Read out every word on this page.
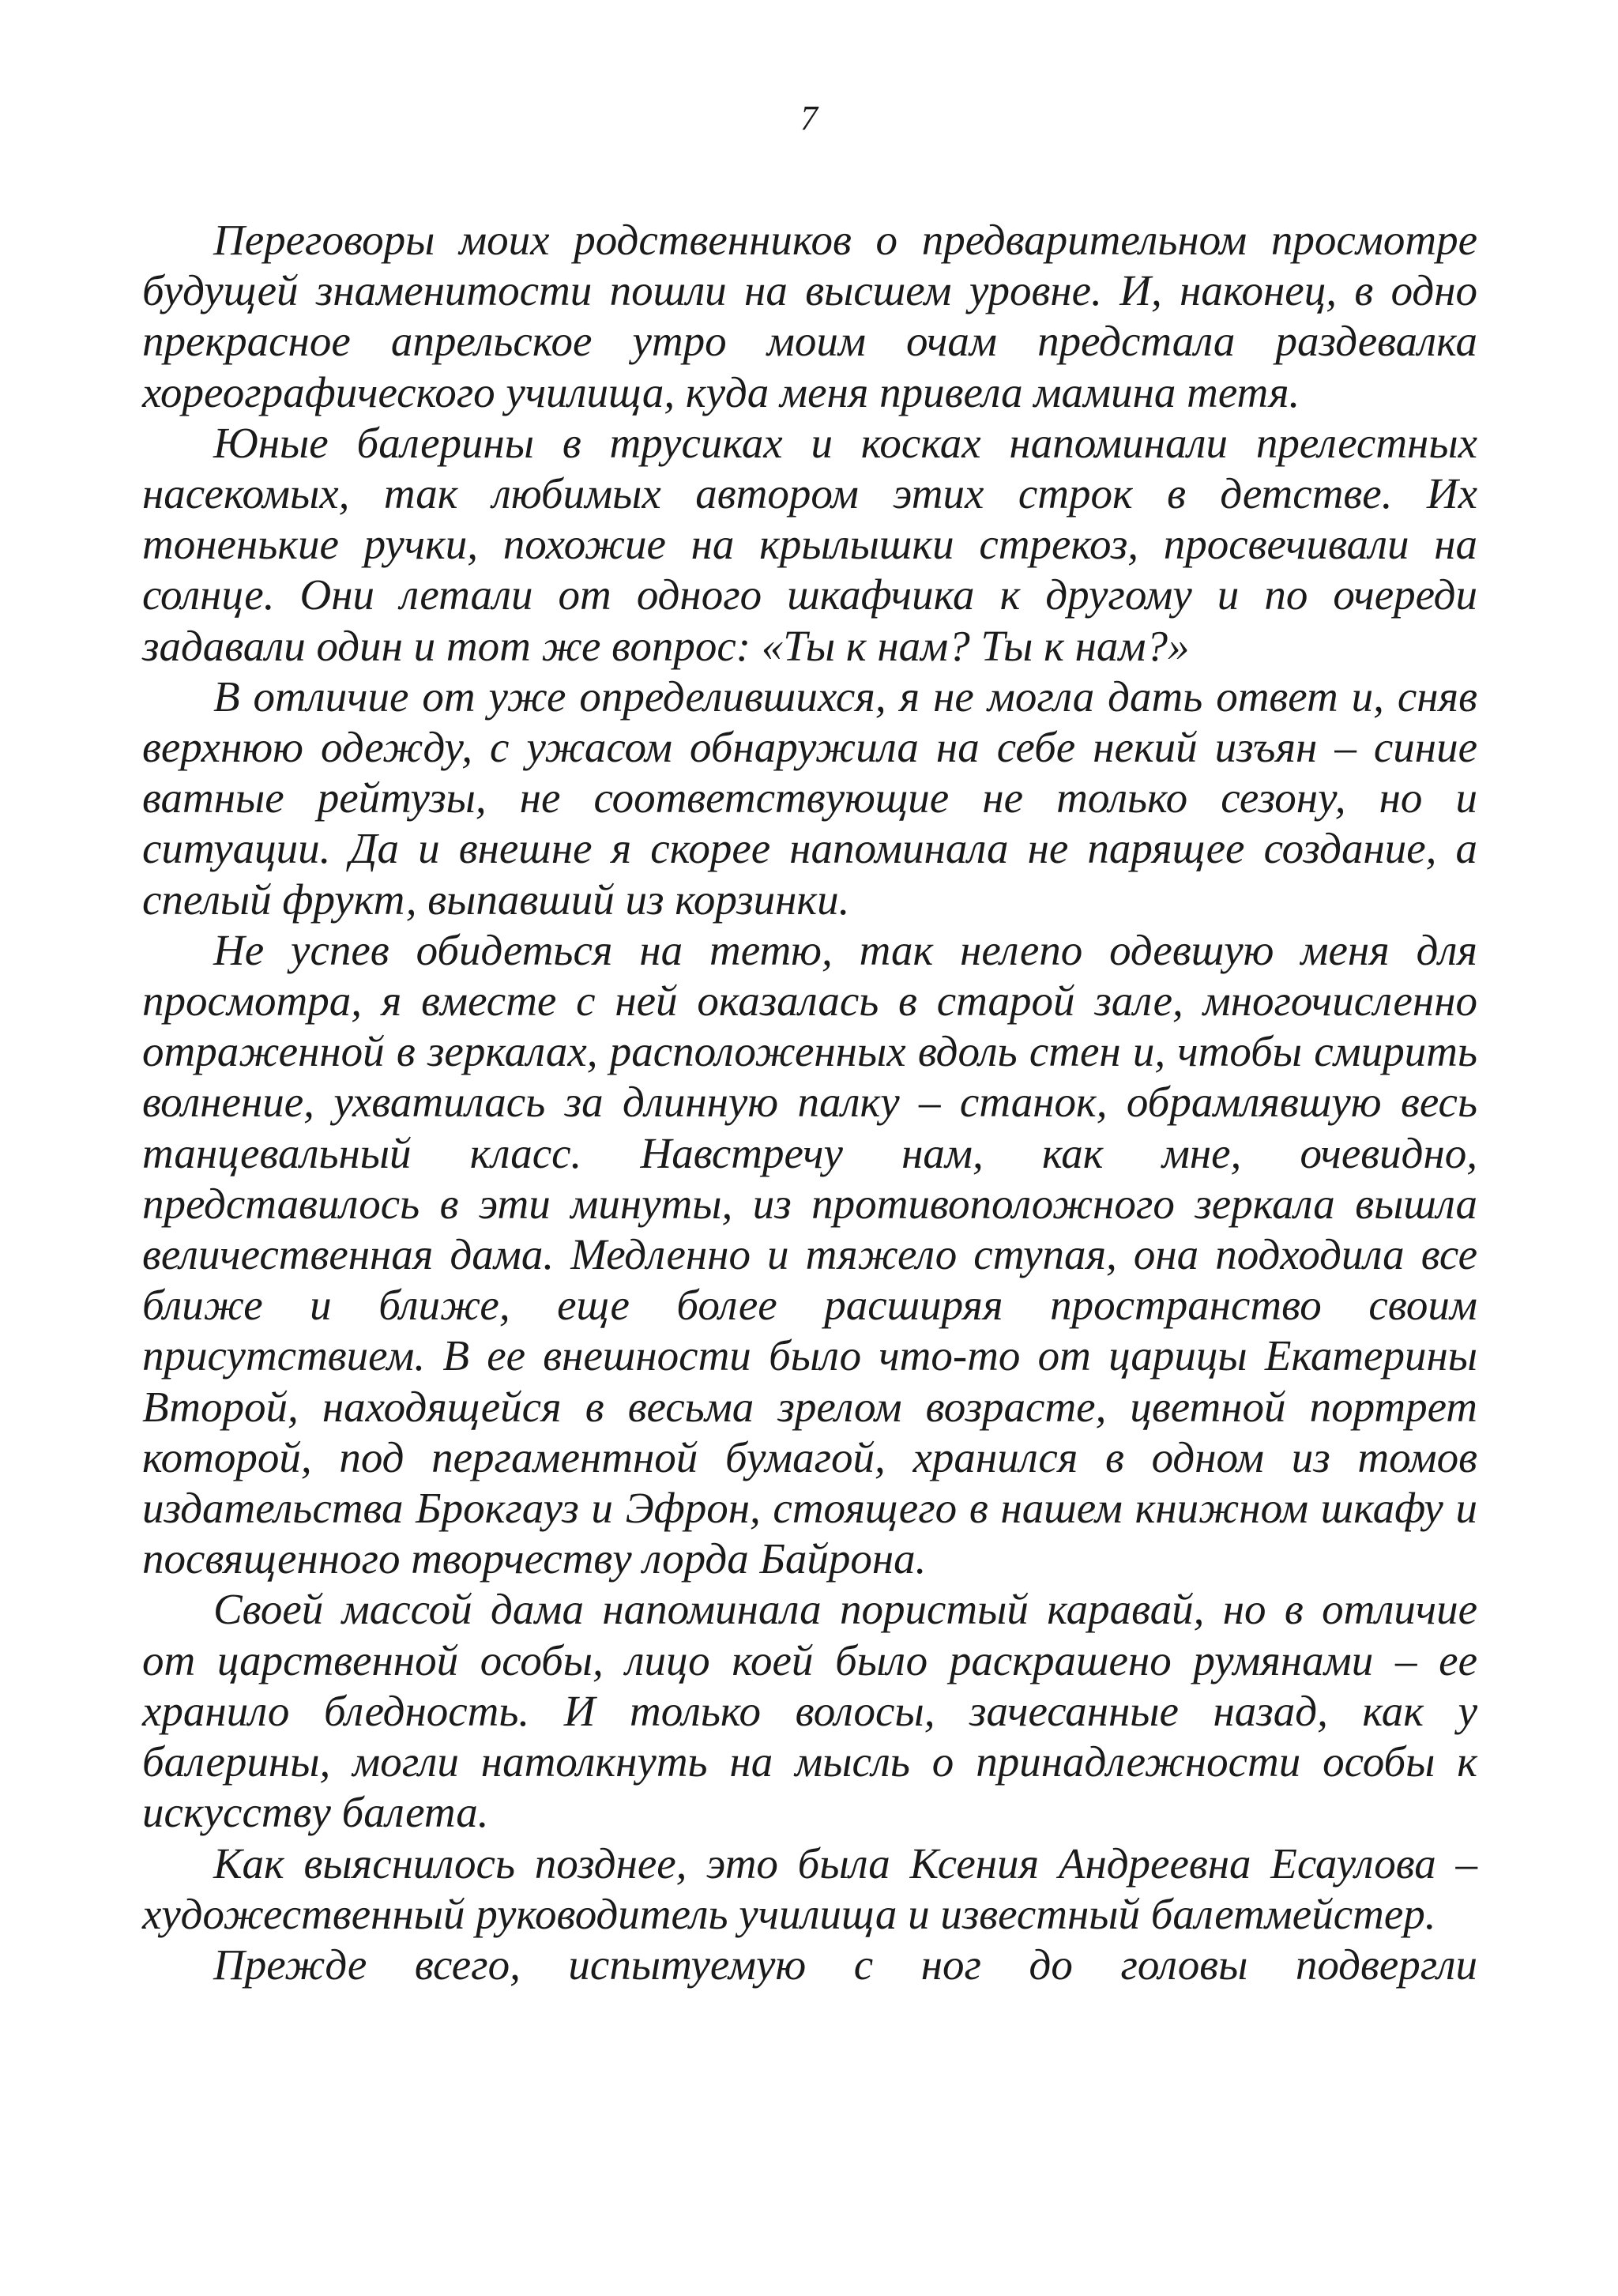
7

Переговоры моих родственников о предварительном просмотре будущей знаменитости пошли на высшем уровне. И, наконец, в одно прекрасное апрельское утро моим очам предстала раздевалка хореографического училища, куда меня привела мамина тетя.

Юные балерины в трусиках и косках напоминали прелестных насекомых, так любимых автором этих строк в детстве. Их тоненькие ручки, похожие на крылышки стрекоз, просвечивали на солнце. Они летали от одного шкафчика к другому и по очереди задавали один и тот же вопрос: «Ты к нам? Ты к нам?»

В отличие от уже определившихся, я не могла дать ответ и, сняв верхнюю одежду, с ужасом обнаружила на себе некий изъян – синие ватные рейтузы, не соответствующие не только сезону, но и ситуации. Да и внешне я скорее напоминала не парящее создание, а спелый фрукт, выпавший из корзинки.

Не успев обидеться на тетю, так нелепо одевшую меня для просмотра, я вместе с ней оказалась в старой зале, многочисленно отраженной в зеркалах, расположенных вдоль стен и, чтобы смирить волнение, ухватилась за длинную палку – станок, обрамлявшую весь танцевальный класс. Навстречу нам, как мне, очевидно, представилось в эти минуты, из противоположного зеркала вышла величественная дама. Медленно и тяжело ступая, она подходила все ближе и ближе, еще более расширяя пространство своим присутствием. В ее внешности было что-то от царицы Екатерины Второй, находящейся в весьма зрелом возрасте, цветной портрет которой, под пергаментной бумагой, хранился в одном из томов издательства Брокгауз и Эфрон, стоящего в нашем книжном шкафу и посвященного творчеству лорда Байрона.

Своей массой дама напоминала пористый каравай, но в отличие от царственной особы, лицо коей было раскрашено румянами – ее хранило бледность. И только волосы, зачесанные назад, как у балерины, могли натолкнуть на мысль о принадлежности особы к искусству балета.

Как выяснилось позднее, это была Ксения Андреевна Есаулова – художественный руководитель училища и известный балетмейстер.

Прежде всего, испытуемую с ног до головы подвергли
